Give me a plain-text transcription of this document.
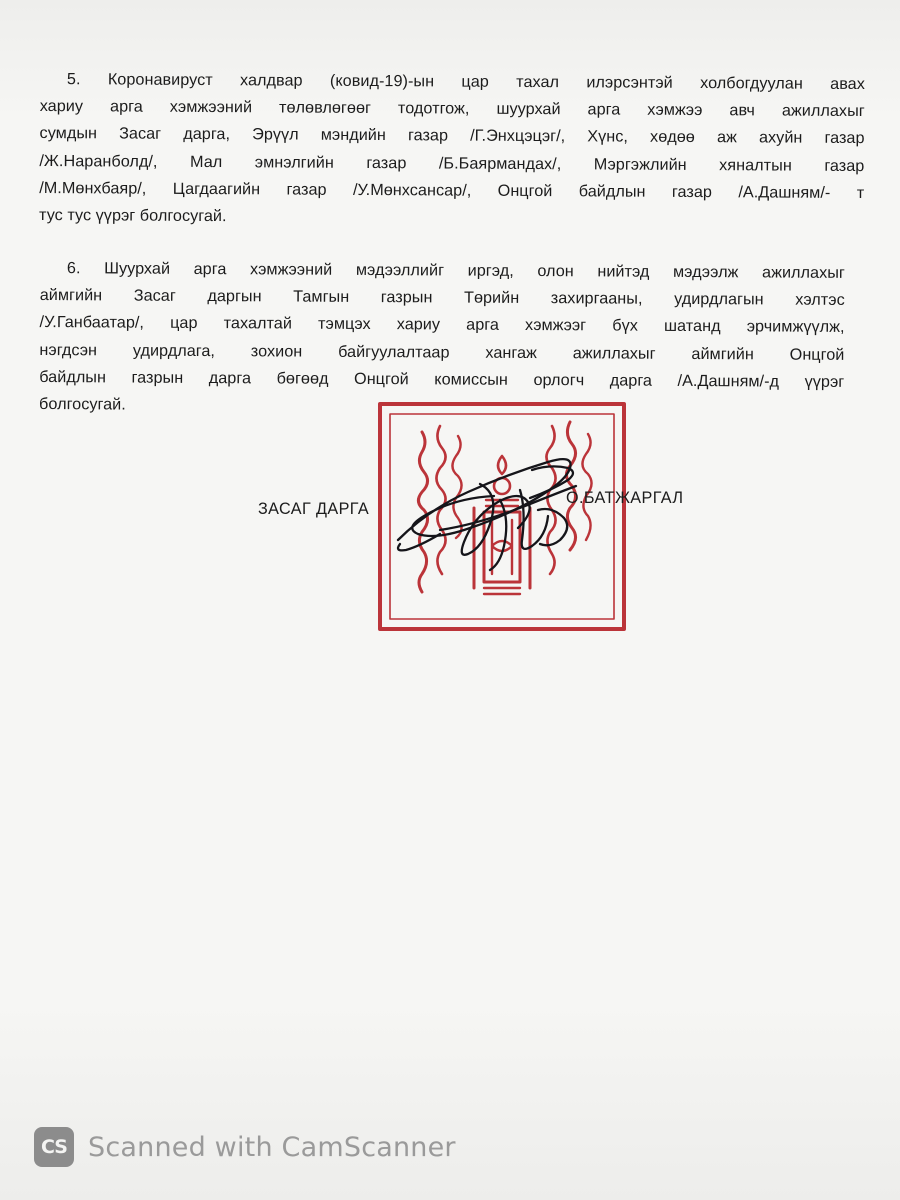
5. Коронавируст халдвар (ковид-19)-ын цар тахал илэрсэнтэй холбогдуулан авах
хариу арга хэмжээний төлөвлөгөөг тодотгож, шуурхай арга хэмжээ авч ажиллахыг
сумдын Засаг дарга, Эрүүл мэндийн газар /Г.Энхцэцэг/, Хүнс, хөдөө аж ахуйн газар
/Ж.Наранболд/, Мал эмнэлгийн газар /Б.Баярмандах/, Мэргэжлийн хяналтын газар
/М.Мөнхбаяр/, Цагдаагийн газар /У.Мөнхсансар/, Онцгой байдлын газар /А.Дашням/- т
тус тус үүрэг болгосугай.
6. Шуурхай арга хэмжээний мэдээллийг иргэд, олон нийтэд мэдээлж ажиллахыг
аймгийн Засаг даргын Тамгын газрын Төрийн захиргааны, удирдлагын хэлтэс
/У.Ганбаатар/, цар тахалтай тэмцэх хариу арга хэмжээг бүх шатанд эрчимжүүлж,
нэгдсэн удирдлага, зохион байгуулалтаар хангаж ажиллахыг аймгийн Онцгой
байдлын газрын дарга бөгөөд Онцгой комиссын орлогч дарга /А.Дашням/-д үүрэг
болгосугай.
ЗАСАГ ДАРГА
О.БАТЖАРГАЛ
CS Scanned with CamScanner
